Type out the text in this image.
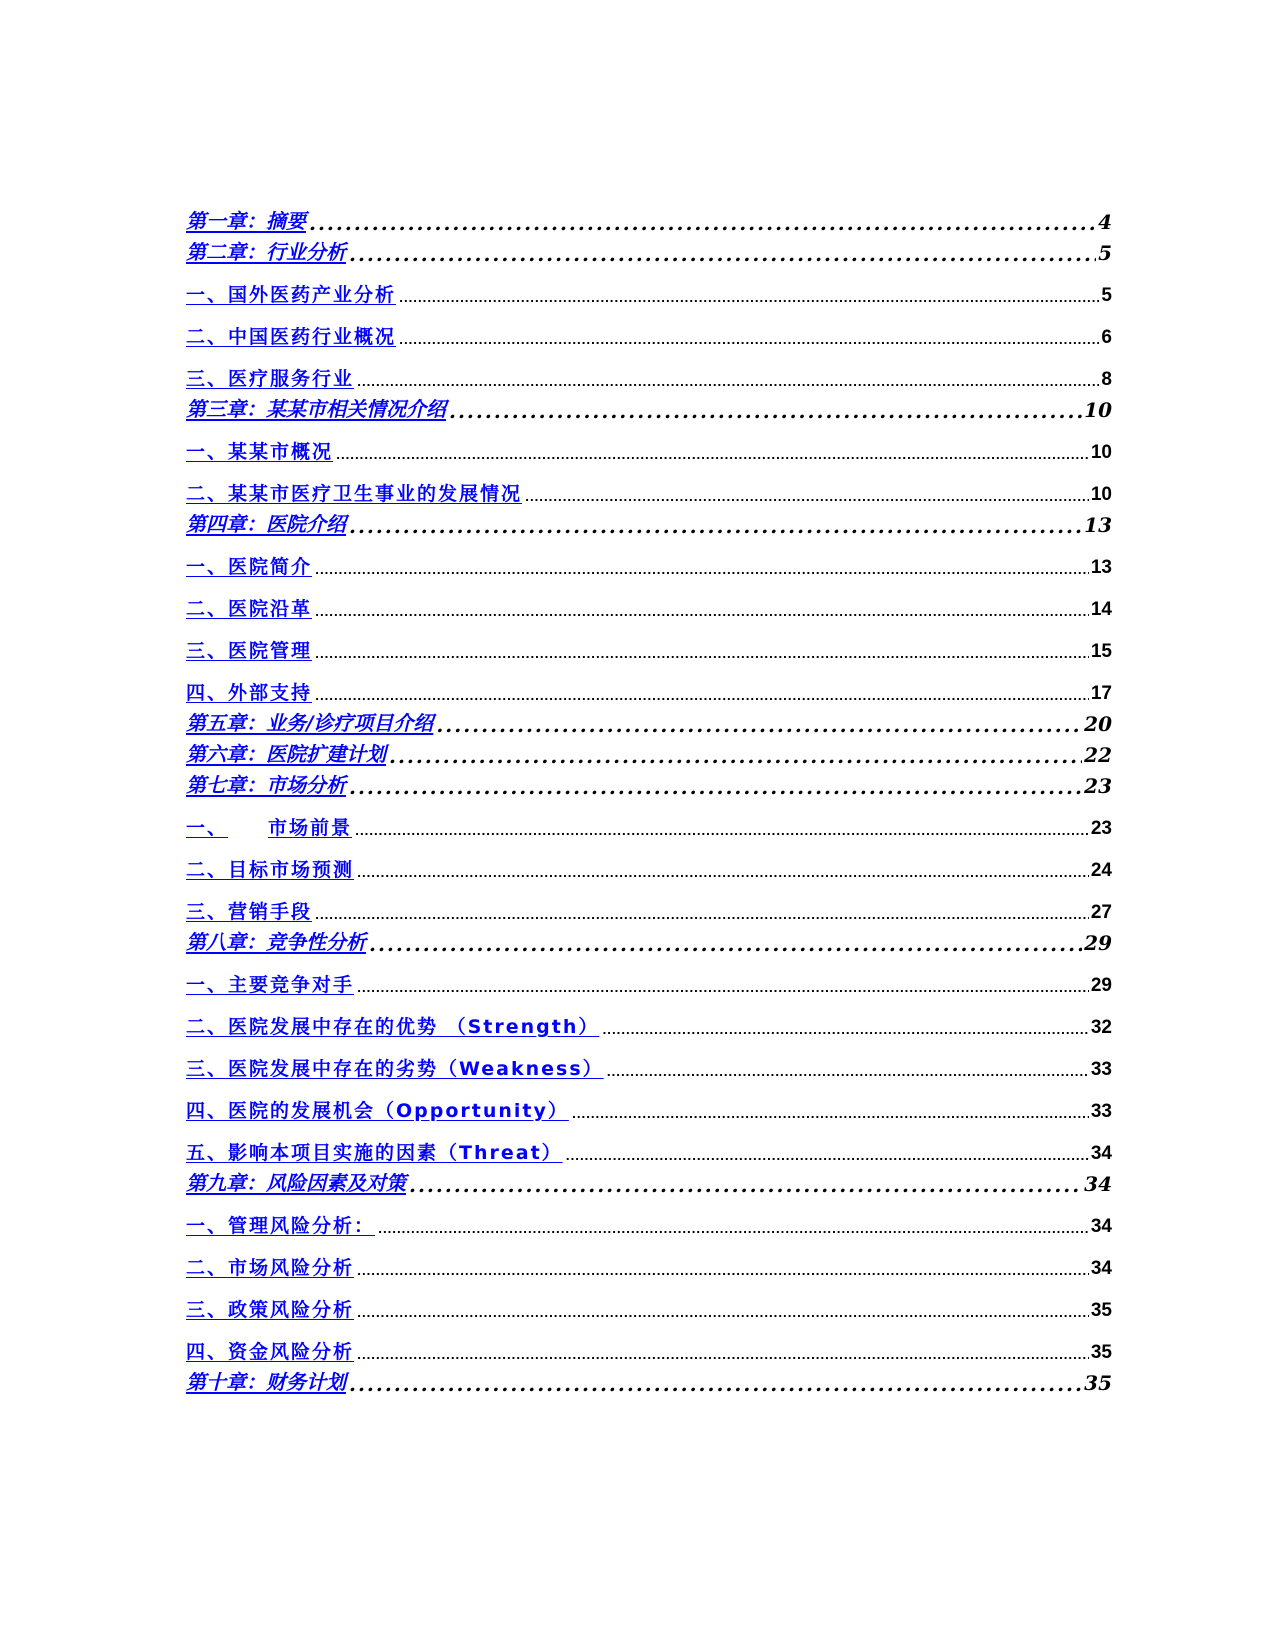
第一章：摘要 .....	4
第二章：行业分析 .....	5
一、国外医药产业分析 .....	5
二、中国医药行业概况 .....	6
三、医疗服务行业 .....	8
第三章：某某市相关情况介绍 .....	10
一、某某市概况 .....	10
二、某某市医疗卫生事业的发展情况 .....	10
第四章：医院介绍 .....	13
一、医院简介 .....	13
二、医院沿革 .....	14
三、医院管理 .....	15
四、外部支持 .....	17
第五章：业务/诊疗项目介绍 .....	20
第六章：医院扩建计划 .....	22
第七章：市场分析 .....	23
一、 市场前景 .....	23
二、目标市场预测 .....	24
三、营销手段 .....	27
第八章：竞争性分析 .....	29
一、主要竞争对手 .....	29
二、医院发展中存在的优势 （Strength） .....	32
三、医院发展中存在的劣势（Weakness） .....	33
四、医院的发展机会（Opportunity） .....	33
五、影响本项目实施的因素（Threat） .....	34
第九章：风险因素及对策 .....	34
一、管理风险分析： .....	34
二、市场风险分析 .....	34
三、政策风险分析 .....	35
四、资金风险分析 .....	35
第十章：财务计划 .....	35
